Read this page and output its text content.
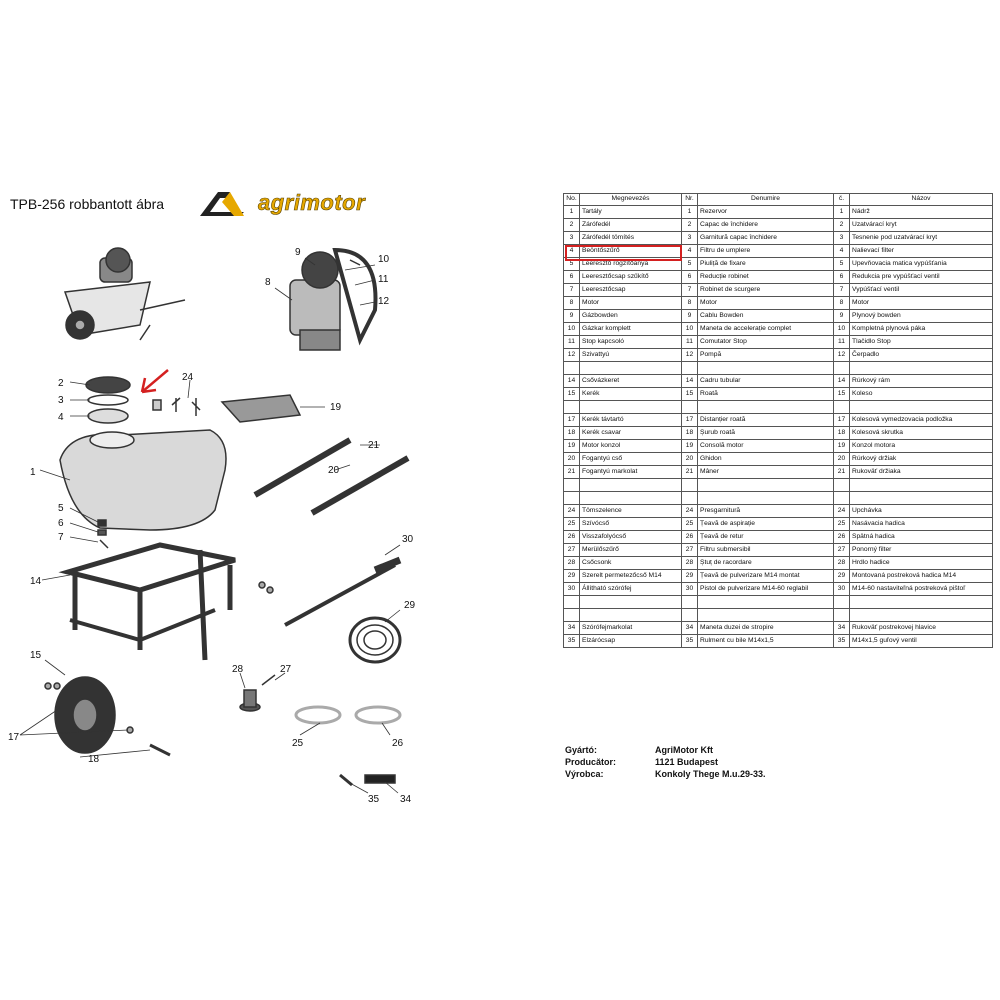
TPB-256 robbantott ábra	agrimotor
1
2
3
4
5
6
7
8
9
10
11
12
14
15
17
18
19
20
21
24
25	26
27
28
29
30
34
35
No.	Megnevezés	Nr.	Denumire	č.	Názov
1	Tartály	1	Rezervor	1	Nádrž
2	Zárófedél	2	Capac de închidere	2	Uzatvárací kryt
3	Zárófedél tömítés	3	Garnitură capac închidere	3	Tesnenie pod uzatvárací kryt
4	Beöntőszűrő	4	Filtru de umplere	4	Nalievací filter
5	Leeresztő rögzítőanya	5	Piuliță de fixare	5	Upevňovacia matica vypúšťania
6	Leeresztőcsap szűkítő	6	Reducție robinet	6	Redukcia pre vypúšťací ventil
7	Leeresztőcsap	7	Robinet de scurgere	7	Vypúšťací ventil
8	Motor	8	Motor	8	Motor
9	Gázbowden	9	Cablu Bowden	9	Plynový bowden
10	Gázkar komplett	10	Maneta de accelerație complet	10	Kompletná plynová páka
11	Stop kapcsoló	11	Comutator Stop	11	Tlačidlo Stop
12	Szivattyú	12	Pompă	12	Čerpadlo

14	Csővázkeret	14	Cadru tubular	14	Rúrkový rám
15	Kerék	15	Roată	15	Koleso

17	Kerék távtartó	17	Distanțier roată	17	Kolesová vymedzovacia podložka
18	Kerék csavar	18	Șurub roată	18	Kolesová skrutka
19	Motor konzol	19	Consolă motor	19	Konzol motora
20	Fogantyú cső	20	Ghidon	20	Rúrkový držiak
21	Fogantyú markolat	21	Mâner	21	Rukoväť držiaka

24	Tömszelence	24	Presgarnitură	24	Upchávka
25	Szívócső	25	Țeavă de aspirație	25	Nasávacia hadica
26	Visszafolyócső	26	Țeavă de retur	26	Spätná hadica
27	Merülőszűrő	27	Filtru submersibil	27	Ponorný filter
28	Csőcsonk	28	Ștuț de racordare	28	Hrdlo hadice
29	Szerelt permetezőcső M14	29	Țeavă de pulverizare M14 montat	29	Montovaná postreková hadica M14
30	Állítható szórófej	30	Pistol de pulverizare M14-60 reglabil	30	M14-60 nastaviteľná postreková pištoľ

34	Szórófejmarkolat	34	Maneta duzei de stropire	34	Rukoväť postrekovej hlavice
35	Elzárócsap	35	Rulment cu bile M14x1,5	35	M14x1,5 guľový ventil
Gyártó:	AgriMotor Kft
Producător:	1121 Budapest
Výrobca:	Konkoly Thege M.u.29-33.
